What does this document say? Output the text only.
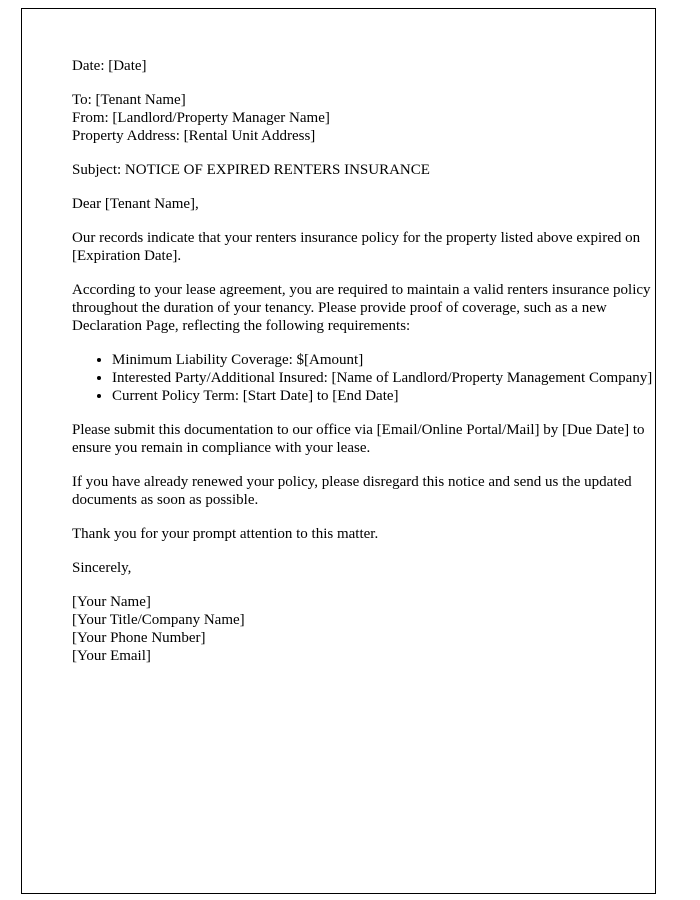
Date: [Date]

To: [Tenant Name]

From: [Landlord/Property Manager Name]

Property Address: [Rental Unit Address]

Subject: NOTICE OF EXPIRED RENTERS INSURANCE

Dear [Tenant Name],

Our records indicate that your renters insurance policy for the property listed above expired on [Expiration Date].

According to your lease agreement, you are required to maintain a valid renters insurance policy throughout the duration of your tenancy. Please provide proof of coverage, such as a new Declaration Page, reflecting the following requirements:

• Minimum Liability Coverage: $[Amount]
• Interested Party/Additional Insured: [Name of Landlord/Property Management Company]
• Current Policy Term: [Start Date] to [End Date]

Please submit this documentation to our office via [Email/Online Portal/Mail] by [Due Date] to ensure you remain in compliance with your lease.

If you have already renewed your policy, please disregard this notice and send us the updated documents as soon as possible.

Thank you for your prompt attention to this matter.

Sincerely,

[Your Name]

[Your Title/Company Name]

[Your Phone Number]

[Your Email]
